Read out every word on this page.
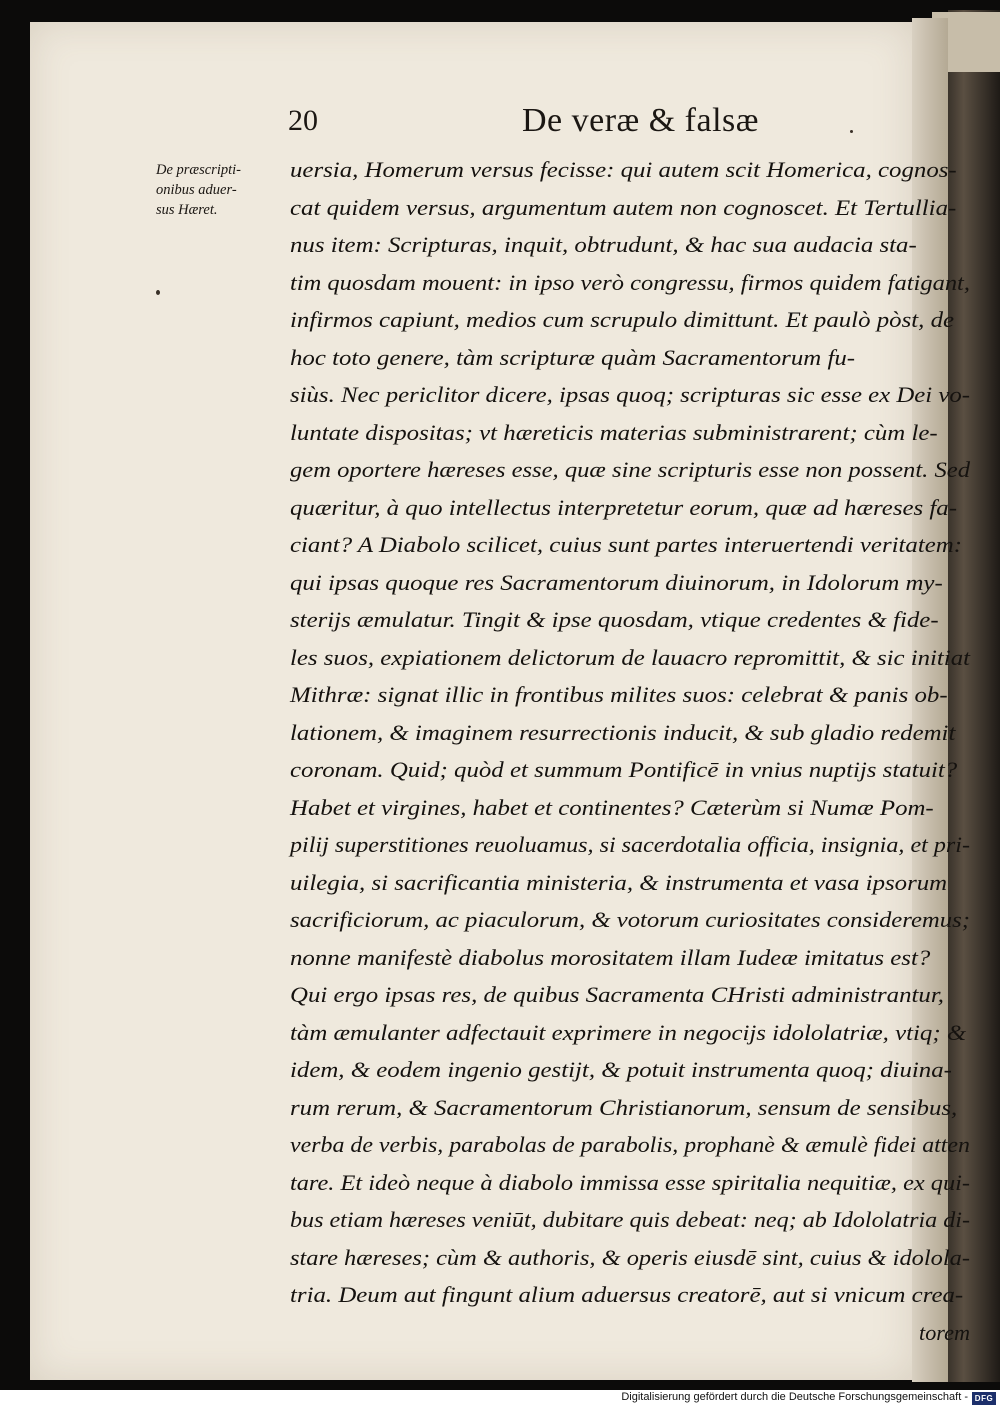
20	De veræ & falsæ
De præscripti-
onibus aduer-
sus Hæret.
uersia, Homerum versus fecisse: qui autem scit Homerica, cognos-
cat quidem versus, argumentum autem non cognoscet. Et Tertullia-
nus item: Scripturas, inquit, obtrudunt, & hac sua audacia sta-
tim quosdam mouent: in ipso verò congressu, firmos quidem fatigant,
infirmos capiunt, medios cum scrupulo dimittunt. Et paulò pòst, de
hoc toto genere, tàm scripturæ quàm Sacramentorum fu-
siùs. Nec periclitor dicere, ipsas quoq; scripturas sic esse ex Dei vo-
luntate dispositas; vt hæreticis materias subministrarent; cùm le-
gem oportere hæreses esse, quæ sine scripturis esse non possent. Sed
quæritur, à quo intellectus interpretetur eorum, quæ ad hæreses fa-
ciant? A Diabolo scilicet, cuius sunt partes interuertendi veritatem:
qui ipsas quoque res Sacramentorum diuinorum, in Idolorum my-
sterijs æmulatur. Tingit & ipse quosdam, vtique credentes & fide-
les suos, expiationem delictorum de lauacro repromittit, & sic initiat
Mithræ: signat illic in frontibus milites suos: celebrat & panis ob-
lationem, & imaginem resurrectionis inducit, & sub gladio redemit
coronam. Quid; quòd et summum Pontificē in vnius nuptijs statuit?
Habet et virgines, habet et continentes? Cæterùm si Numæ Pom-
pilij superstitiones reuoluamus, si sacerdotalia officia, insignia, et pri-
uilegia, si sacrificantia ministeria, & instrumenta et vasa ipsorum
sacrificiorum, ac piaculorum, & votorum curiositates consideremus;
nonne manifestè diabolus morositatem illam Iudeæ imitatus est?
Qui ergo ipsas res, de quibus Sacramenta CHristi administrantur,
tàm æmulanter adfectauit exprimere in negocijs idololatriæ, vtiq; &
idem, & eodem ingenio gestijt, & potuit instrumenta quoq; diuina-
rum rerum, & Sacramentorum Christianorum, sensum de sensibus,
verba de verbis, parabolas de parabolis, prophanè & æmulè fidei atten
tare. Et ideò neque à diabolo immissa esse spiritalia nequitiæ, ex qui-
bus etiam hæreses veniūt, dubitare quis debeat: neq; ab Idololatria di-
stare hæreses; cùm & authoris, & operis eiusdē sint, cuius & idolola-
tria. Deum aut fingunt alium aduersus creatorē, aut si vnicum crea-
torem
Digitalisierung gefördert durch die Deutsche Forschungsgemeinschaft - DFG
